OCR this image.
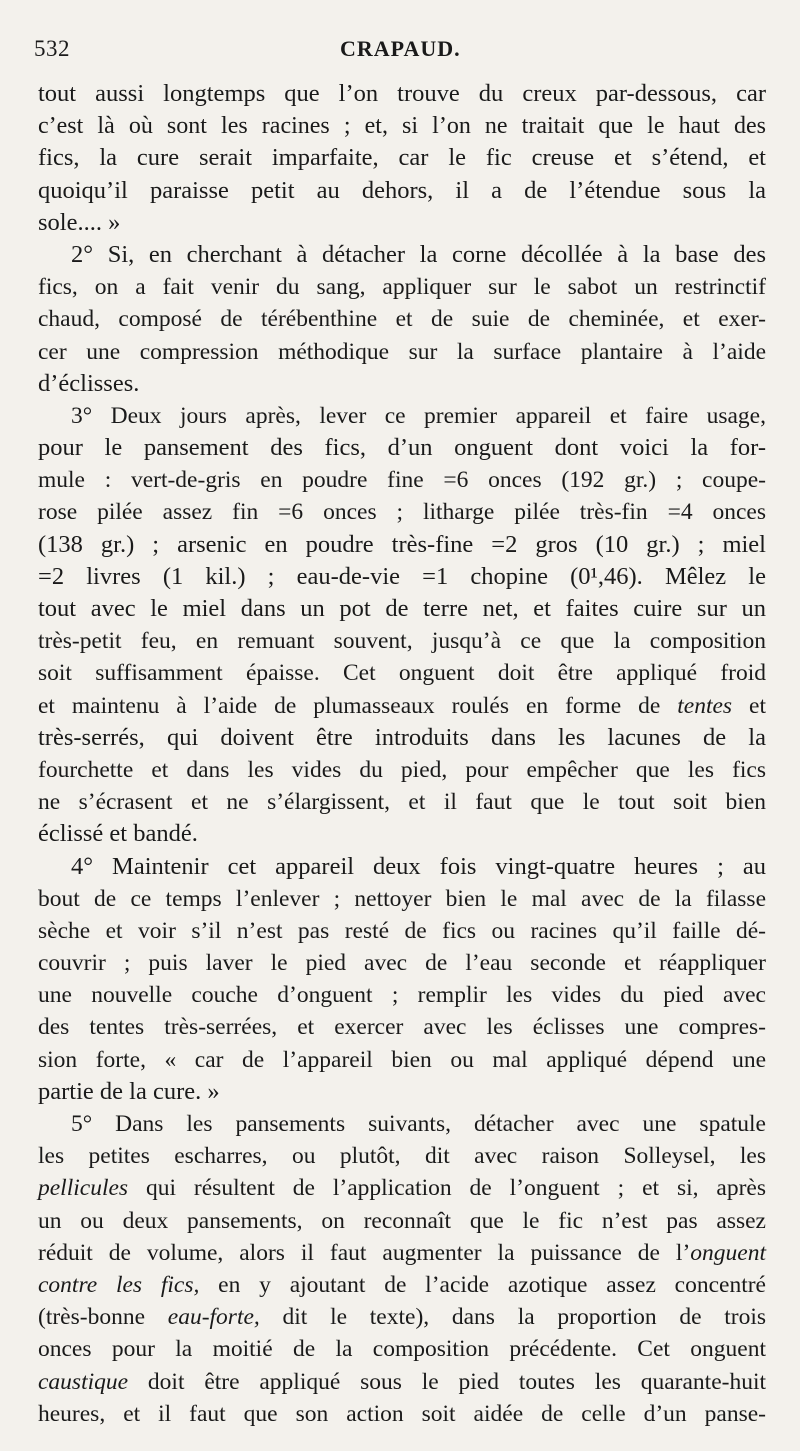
532	CRAPAUD.
tout aussi longtemps que l’on trouve du creux par-dessous, car
c’est là où sont les racines ; et, si l’on ne traitait que le haut des
fics, la cure serait imparfaite, car le fic creuse et s’étend, et
quoiqu’il paraisse petit au dehors, il a de l’étendue sous la
sole.... »
2° Si, en cherchant à détacher la corne décollée à la base des
fics, on a fait venir du sang, appliquer sur le sabot un restrinctif
chaud, composé de térébenthine et de suie de cheminée, et exer-
cer une compression méthodique sur la surface plantaire à l’aide
d’éclisses.
3° Deux jours après, lever ce premier appareil et faire usage,
pour le pansement des fics, d’un onguent dont voici la for-
mule : vert-de-gris en poudre fine =6 onces (192 gr.) ; coupe-
rose pilée assez fin =6 onces ; litharge pilée très-fin =4 onces
(138 gr.) ; arsenic en poudre très-fine =2 gros (10 gr.) ; miel
=2 livres (1 kil.) ; eau-de-vie =1 chopine (0¹,46). Mêlez le
tout avec le miel dans un pot de terre net, et faites cuire sur un
très-petit feu, en remuant souvent, jusqu’à ce que la composition
soit suffisamment épaisse. Cet onguent doit être appliqué froid
et maintenu à l’aide de plumasseaux roulés en forme de tentes et
très-serrés, qui doivent être introduits dans les lacunes de la
fourchette et dans les vides du pied, pour empêcher que les fics
ne s’écrasent et ne s’élargissent, et il faut que le tout soit bien
éclissé et bandé.
4° Maintenir cet appareil deux fois vingt-quatre heures ; au
bout de ce temps l’enlever ; nettoyer bien le mal avec de la filasse
sèche et voir s’il n’est pas resté de fics ou racines qu’il faille dé-
couvrir ; puis laver le pied avec de l’eau seconde et réappliquer
une nouvelle couche d’onguent ; remplir les vides du pied avec
des tentes très-serrées, et exercer avec les éclisses une compres-
sion forte, « car de l’appareil bien ou mal appliqué dépend une
partie de la cure. »
5° Dans les pansements suivants, détacher avec une spatule
les petites escharres, ou plutôt, dit avec raison Solleysel, les
pellicules qui résultent de l’application de l’onguent ; et si, après
un ou deux pansements, on reconnaît que le fic n’est pas assez
réduit de volume, alors il faut augmenter la puissance de l’onguent
contre les fics, en y ajoutant de l’acide azotique assez concentré
(très-bonne eau-forte, dit le texte), dans la proportion de trois
onces pour la moitié de la composition précédente. Cet onguent
caustique doit être appliqué sous le pied toutes les quarante-huit
heures, et il faut que son action soit aidée de celle d’un panse-
